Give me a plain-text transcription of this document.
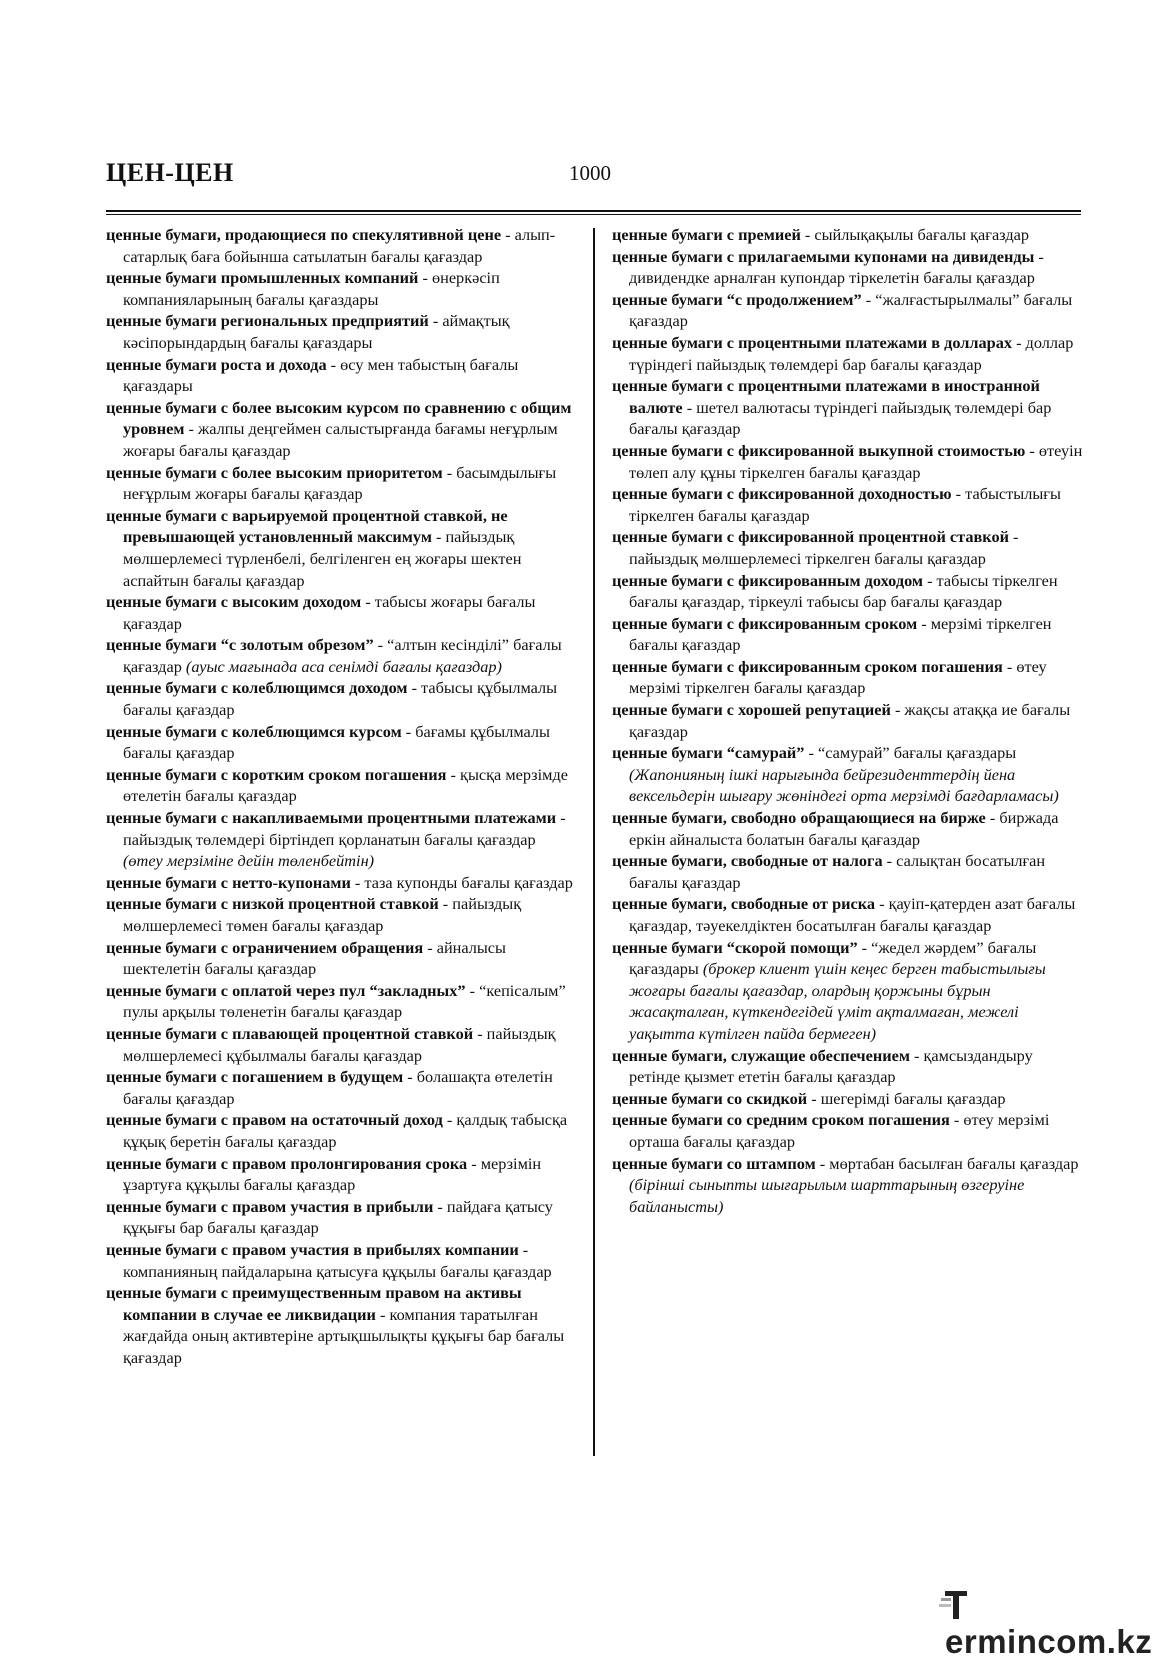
ЦЕН-ЦЕН	1000

ценные бумаги, продающиеся по спекулятивной цене - алып-сатарлық баға бойынша сатылатын бағалы қағаздар

ценные бумаги промышленных компаний - өнеркәсіп компанияларының бағалы қағаздары

ценные бумаги региональных предприятий - аймақтық кәсіпорындардың бағалы қағаздары

ценные бумаги роста и дохода - өсу мен табыстың бағалы қағаздары

ценные бумаги с более высоким курсом по сравнению с общим уровнем - жалпы деңгеймен салыстырғанда бағамы неғұрлым жоғары бағалы қағаздар

ценные бумаги с более высоким приоритетом - басымдылығы неғұрлым жоғары бағалы қағаздар

ценные бумаги с варьируемой процентной ставкой, не превышающей установленный максимум - пайыздық мөлшерлемесі түрленбелі, белгіленген ең жоғары шектен аспайтын бағалы қағаздар

ценные бумаги с высоким доходом - табысы жоғары бағалы қағаздар

ценные бумаги “с золотым обрезом” - “алтын кесінділі” бағалы қағаздар (ауыс мағынада аса сенімді бағалы қағаздар)

ценные бумаги с колеблющимся доходом - табысы құбылмалы бағалы қағаздар

ценные бумаги с колеблющимся курсом - бағамы құбылмалы бағалы қағаздар

ценные бумаги с коротким сроком погашения - қысқа мерзімде өтелетін бағалы қағаздар

ценные бумаги с накапливаемыми процентными платежами - пайыздық төлемдері біртіндеп қорланатын бағалы қағаздар (өтеу мерзіміне дейін төленбейтін)

ценные бумаги с нетто-купонами - таза купонды бағалы қағаздар

ценные бумаги с низкой процентной ставкой - пайыздық мөлшерлемесі төмен бағалы қағаздар

ценные бумаги с ограничением обращения - айналысы шектелетін бағалы қағаздар

ценные бумаги с оплатой через пул “закладных” - “кепісалым” пулы арқылы төленетін бағалы қағаздар

ценные бумаги с плавающей процентной ставкой - пайыздық мөлшерлемесі құбылмалы бағалы қағаздар

ценные бумаги с погашением в будущем - болашақта өтелетін бағалы қағаздар

ценные бумаги с правом на остаточный доход - қалдық табысқа құқық беретін бағалы қағаздар

ценные бумаги с правом пролонгирования срока - мерзімін ұзартуға құқылы бағалы қағаздар

ценные бумаги с правом участия в прибыли - пайдаға қатысу құқығы бар бағалы қағаздар

ценные бумаги с правом участия в прибылях компании - компанияның пайдаларына қатысуға құқылы бағалы қағаздар

ценные бумаги с преимущественным правом на активы компании в случае ее ликвидации - компания таратылған жағдайда оның активтеріне артықшылықты құқығы бар бағалы қағаздар

ценные бумаги с премией - сыйлықақылы бағалы қағаздар

ценные бумаги с прилагаемыми купонами на дивиденды - дивидендке арналған купондар тіркелетін бағалы қағаздар

ценные бумаги “с продолжением” - “жалғастырылмалы” бағалы қағаздар

ценные бумаги с процентными платежами в долларах - доллар түріндегі пайыздық төлемдері бар бағалы қағаздар

ценные бумаги с процентными платежами в иностранной валюте - шетел валютасы түріндегі пайыздық төлемдері бар бағалы қағаздар

ценные бумаги с фиксированной выкупной стоимостью - өтеуін төлеп алу құны тіркелген бағалы қағаздар

ценные бумаги с фиксированной доходностью - табыстылығы тіркелген бағалы қағаздар

ценные бумаги с фиксированной процентной ставкой - пайыздық мөлшерлемесі тіркелген бағалы қағаздар

ценные бумаги с фиксированным доходом - табысы тіркелген бағалы қағаздар, тіркеулі табысы бар бағалы қағаздар

ценные бумаги с фиксированным сроком - мерзімі тіркелген бағалы қағаздар

ценные бумаги с фиксированным сроком погашения - өтеу мерзімі тіркелген бағалы қағаздар

ценные бумаги с хорошей репутацией - жақсы атаққа ие бағалы қағаздар

ценные бумаги “самурай” - “самурай” бағалы қағаздары (Жапонияның ішкі нарығында бейрезиденттердің йена вексельдерін шығару жөніндегі орта мерзімді бағдарламасы)

ценные бумаги, свободно обращающиеся на бирже - биржада еркін айналыста болатын бағалы қағаздар

ценные бумаги, свободные от налога - салықтан босатылған бағалы қағаздар

ценные бумаги, свободные от риска - қауіп-қатерден азат бағалы қағаздар, тәуекелдіктен босатылған бағалы қағаздар

ценные бумаги “скорой помощи” - “жедел жәрдем” бағалы қағаздары (брокер клиент үшін кеңес берген табыстылығы жоғары бағалы қағаздар, олардың қоржыны бұрын жасақталған, күткендегідей үміт ақталмаған, межелі уақытта күтілген пайда бермеген)

ценные бумаги, служащие обеспечением - қамсыздандыру ретінде қызмет ететін бағалы қағаздар

ценные бумаги со скидкой - шегерімді бағалы қағаздар

ценные бумаги со средним сроком погашения - өтеу мерзімі орташа бағалы қағаздар

ценные бумаги со штампом - мөртабан басылған бағалы қағаздар (бірінші сыныпты шығарылым шарттарының өзгеруіне байланысты)

ermincom.kz
